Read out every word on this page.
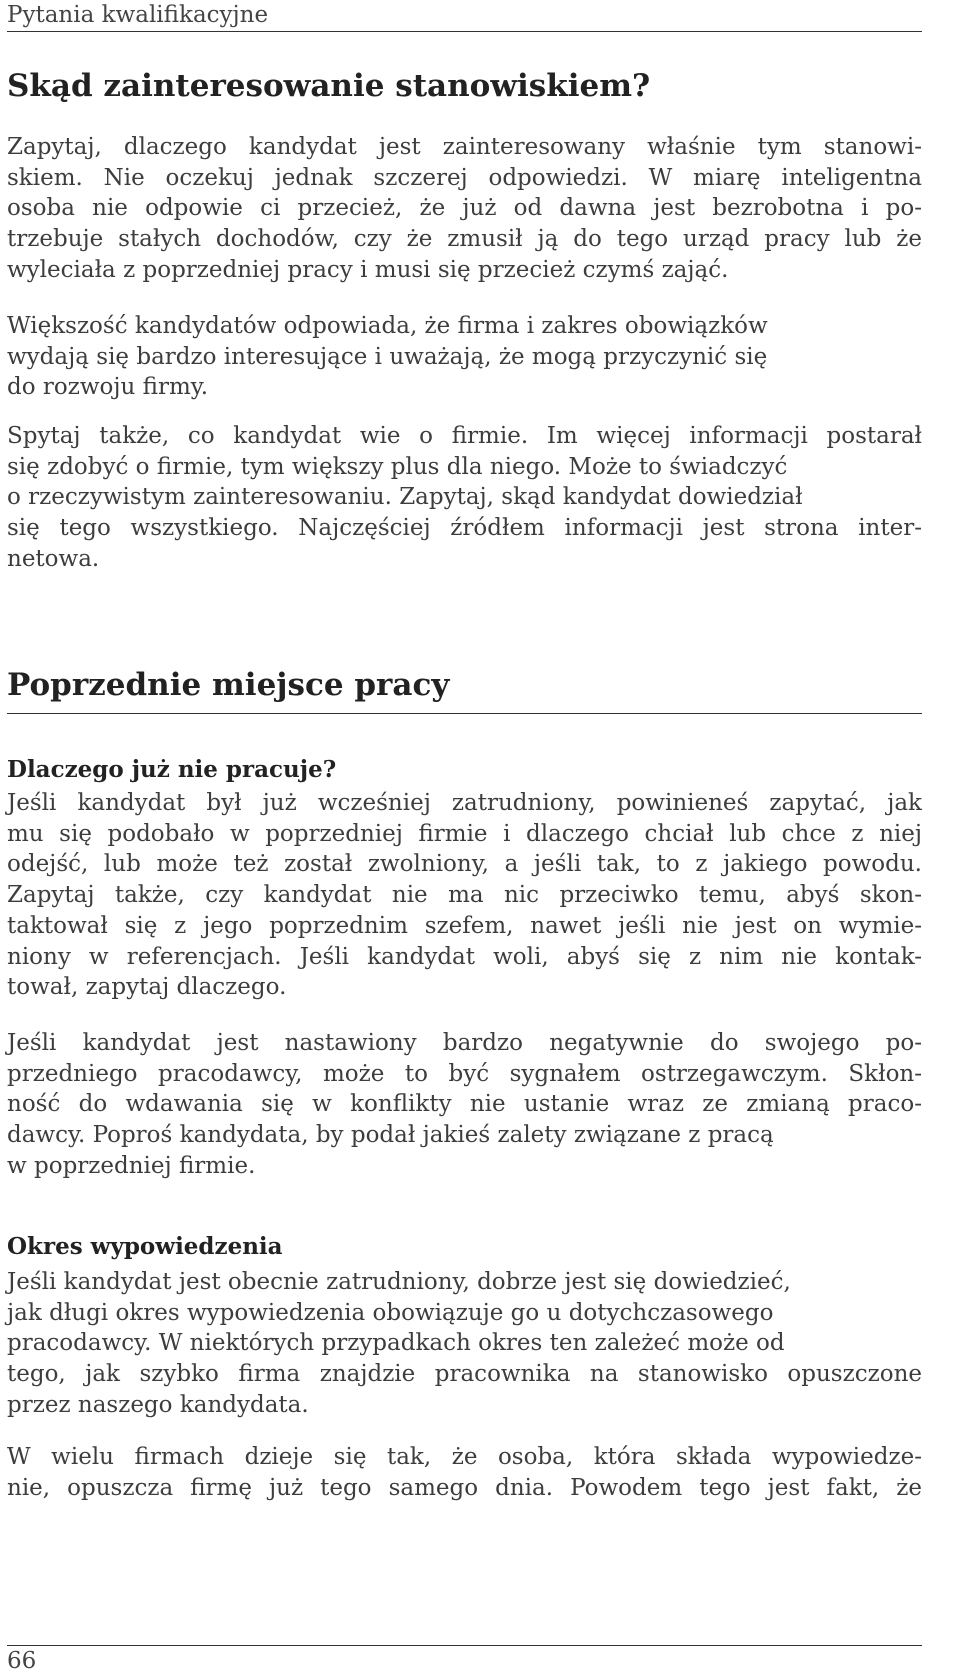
Pytania kwalifikacyjne
Skąd zainteresowanie stanowiskiem?
Zapytaj, dlaczego kandydat jest zainteresowany właśnie tym stanowi-
skiem. Nie oczekuj jednak szczerej odpowiedzi. W miarę inteligentna
osoba nie odpowie ci przecież, że już od dawna jest bezrobotna i po-
trzebuje stałych dochodów, czy że zmusił ją do tego urząd pracy lub że
wyleciała z poprzedniej pracy i musi się przecież czymś zająć.
Większość kandydatów odpowiada, że firma i zakres obowiązków
wydają się bardzo interesujące i uważają, że mogą przyczynić się
do rozwoju firmy.
Spytaj także, co kandydat wie o firmie. Im więcej informacji postarał
się zdobyć o firmie, tym większy plus dla niego. Może to świadczyć
o rzeczywistym zainteresowaniu. Zapytaj, skąd kandydat dowiedział
się tego wszystkiego. Najczęściej źródłem informacji jest strona inter-
netowa.
Poprzednie miejsce pracy
Dlaczego już nie pracuje?
Jeśli kandydat był już wcześniej zatrudniony, powinieneś zapytać, jak
mu się podobało w poprzedniej firmie i dlaczego chciał lub chce z niej
odejść, lub może też został zwolniony, a jeśli tak, to z jakiego powodu.
Zapytaj także, czy kandydat nie ma nic przeciwko temu, abyś skon-
taktował się z jego poprzednim szefem, nawet jeśli nie jest on wymie-
niony w referencjach. Jeśli kandydat woli, abyś się z nim nie kontak-
tował, zapytaj dlaczego.
Jeśli kandydat jest nastawiony bardzo negatywnie do swojego po-
przedniego pracodawcy, może to być sygnałem ostrzegawczym. Skłon-
ność do wdawania się w konflikty nie ustanie wraz ze zmianą praco-
dawcy. Poproś kandydata, by podał jakieś zalety związane z pracą
w poprzedniej firmie.
Okres wypowiedzenia
Jeśli kandydat jest obecnie zatrudniony, dobrze jest się dowiedzieć,
jak długi okres wypowiedzenia obowiązuje go u dotychczasowego
pracodawcy. W niektórych przypadkach okres ten zależeć może od
tego, jak szybko firma znajdzie pracownika na stanowisko opuszczone
przez naszego kandydata.
W wielu firmach dzieje się tak, że osoba, która składa wypowiedze-
nie, opuszcza firmę już tego samego dnia. Powodem tego jest fakt, że
66
